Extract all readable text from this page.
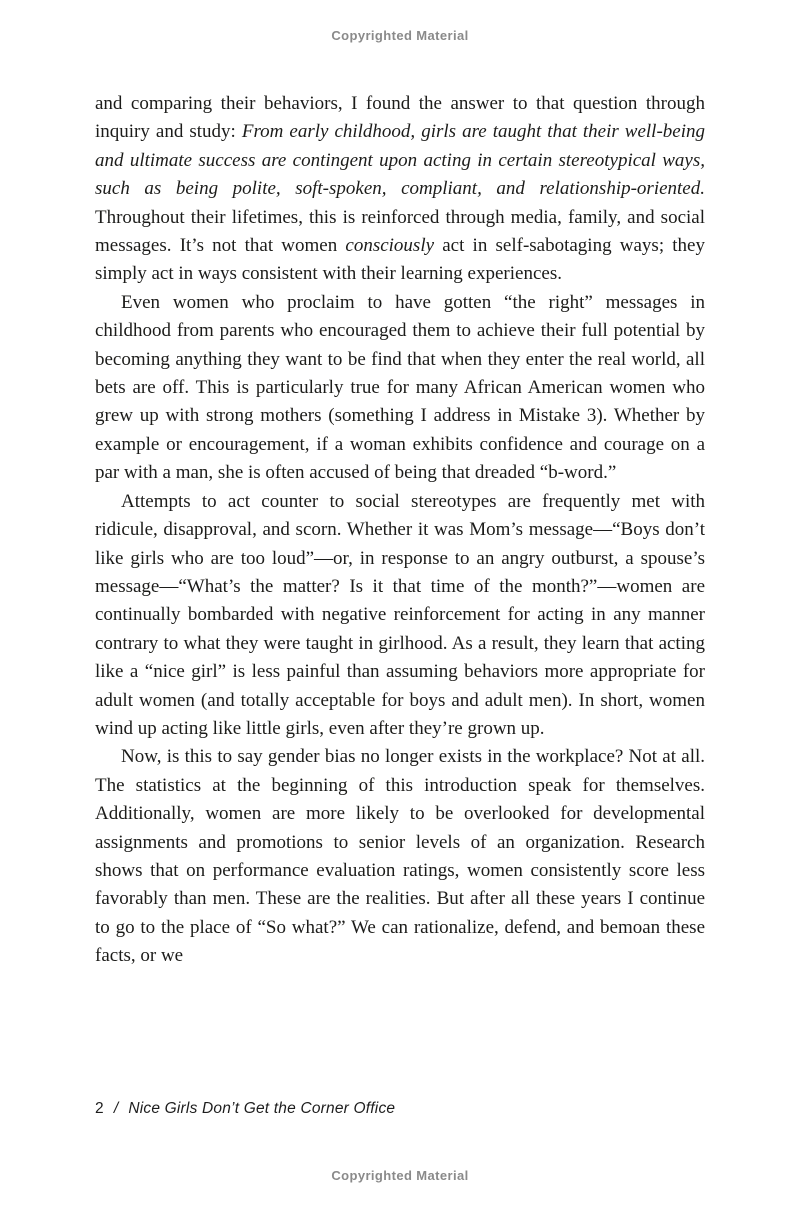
Copyrighted Material

and comparing their behaviors, I found the answer to that question through inquiry and study: From early childhood, girls are taught that their well-being and ultimate success are contingent upon acting in certain stereotypical ways, such as being polite, soft-spoken, compliant, and relationship-oriented. Throughout their lifetimes, this is reinforced through media, family, and social messages. It’s not that women consciously act in self-sabotaging ways; they simply act in ways consistent with their learning experiences.

Even women who proclaim to have gotten “the right” messages in childhood from parents who encouraged them to achieve their full potential by becoming anything they want to be find that when they enter the real world, all bets are off. This is particularly true for many African American women who grew up with strong mothers (something I address in Mistake 3). Whether by example or encouragement, if a woman exhibits confidence and courage on a par with a man, she is often accused of being that dreaded “b-word.”

Attempts to act counter to social stereotypes are frequently met with ridicule, disapproval, and scorn. Whether it was Mom’s message—“Boys don’t like girls who are too loud”—or, in response to an angry outburst, a spouse’s message—“What’s the matter? Is it that time of the month?”—women are continually bombarded with negative reinforcement for acting in any manner contrary to what they were taught in girlhood. As a result, they learn that acting like a “nice girl” is less painful than assuming behaviors more appropriate for adult women (and totally acceptable for boys and adult men). In short, women wind up acting like little girls, even after they’re grown up.

Now, is this to say gender bias no longer exists in the workplace? Not at all. The statistics at the beginning of this introduction speak for themselves. Additionally, women are more likely to be overlooked for developmental assignments and promotions to senior levels of an organization. Research shows that on performance evaluation ratings, women consistently score less favorably than men. These are the realities. But after all these years I continue to go to the place of “So what?” We can rationalize, defend, and bemoan these facts, or we

2 / Nice Girls Don’t Get the Corner Office
Copyrighted Material
